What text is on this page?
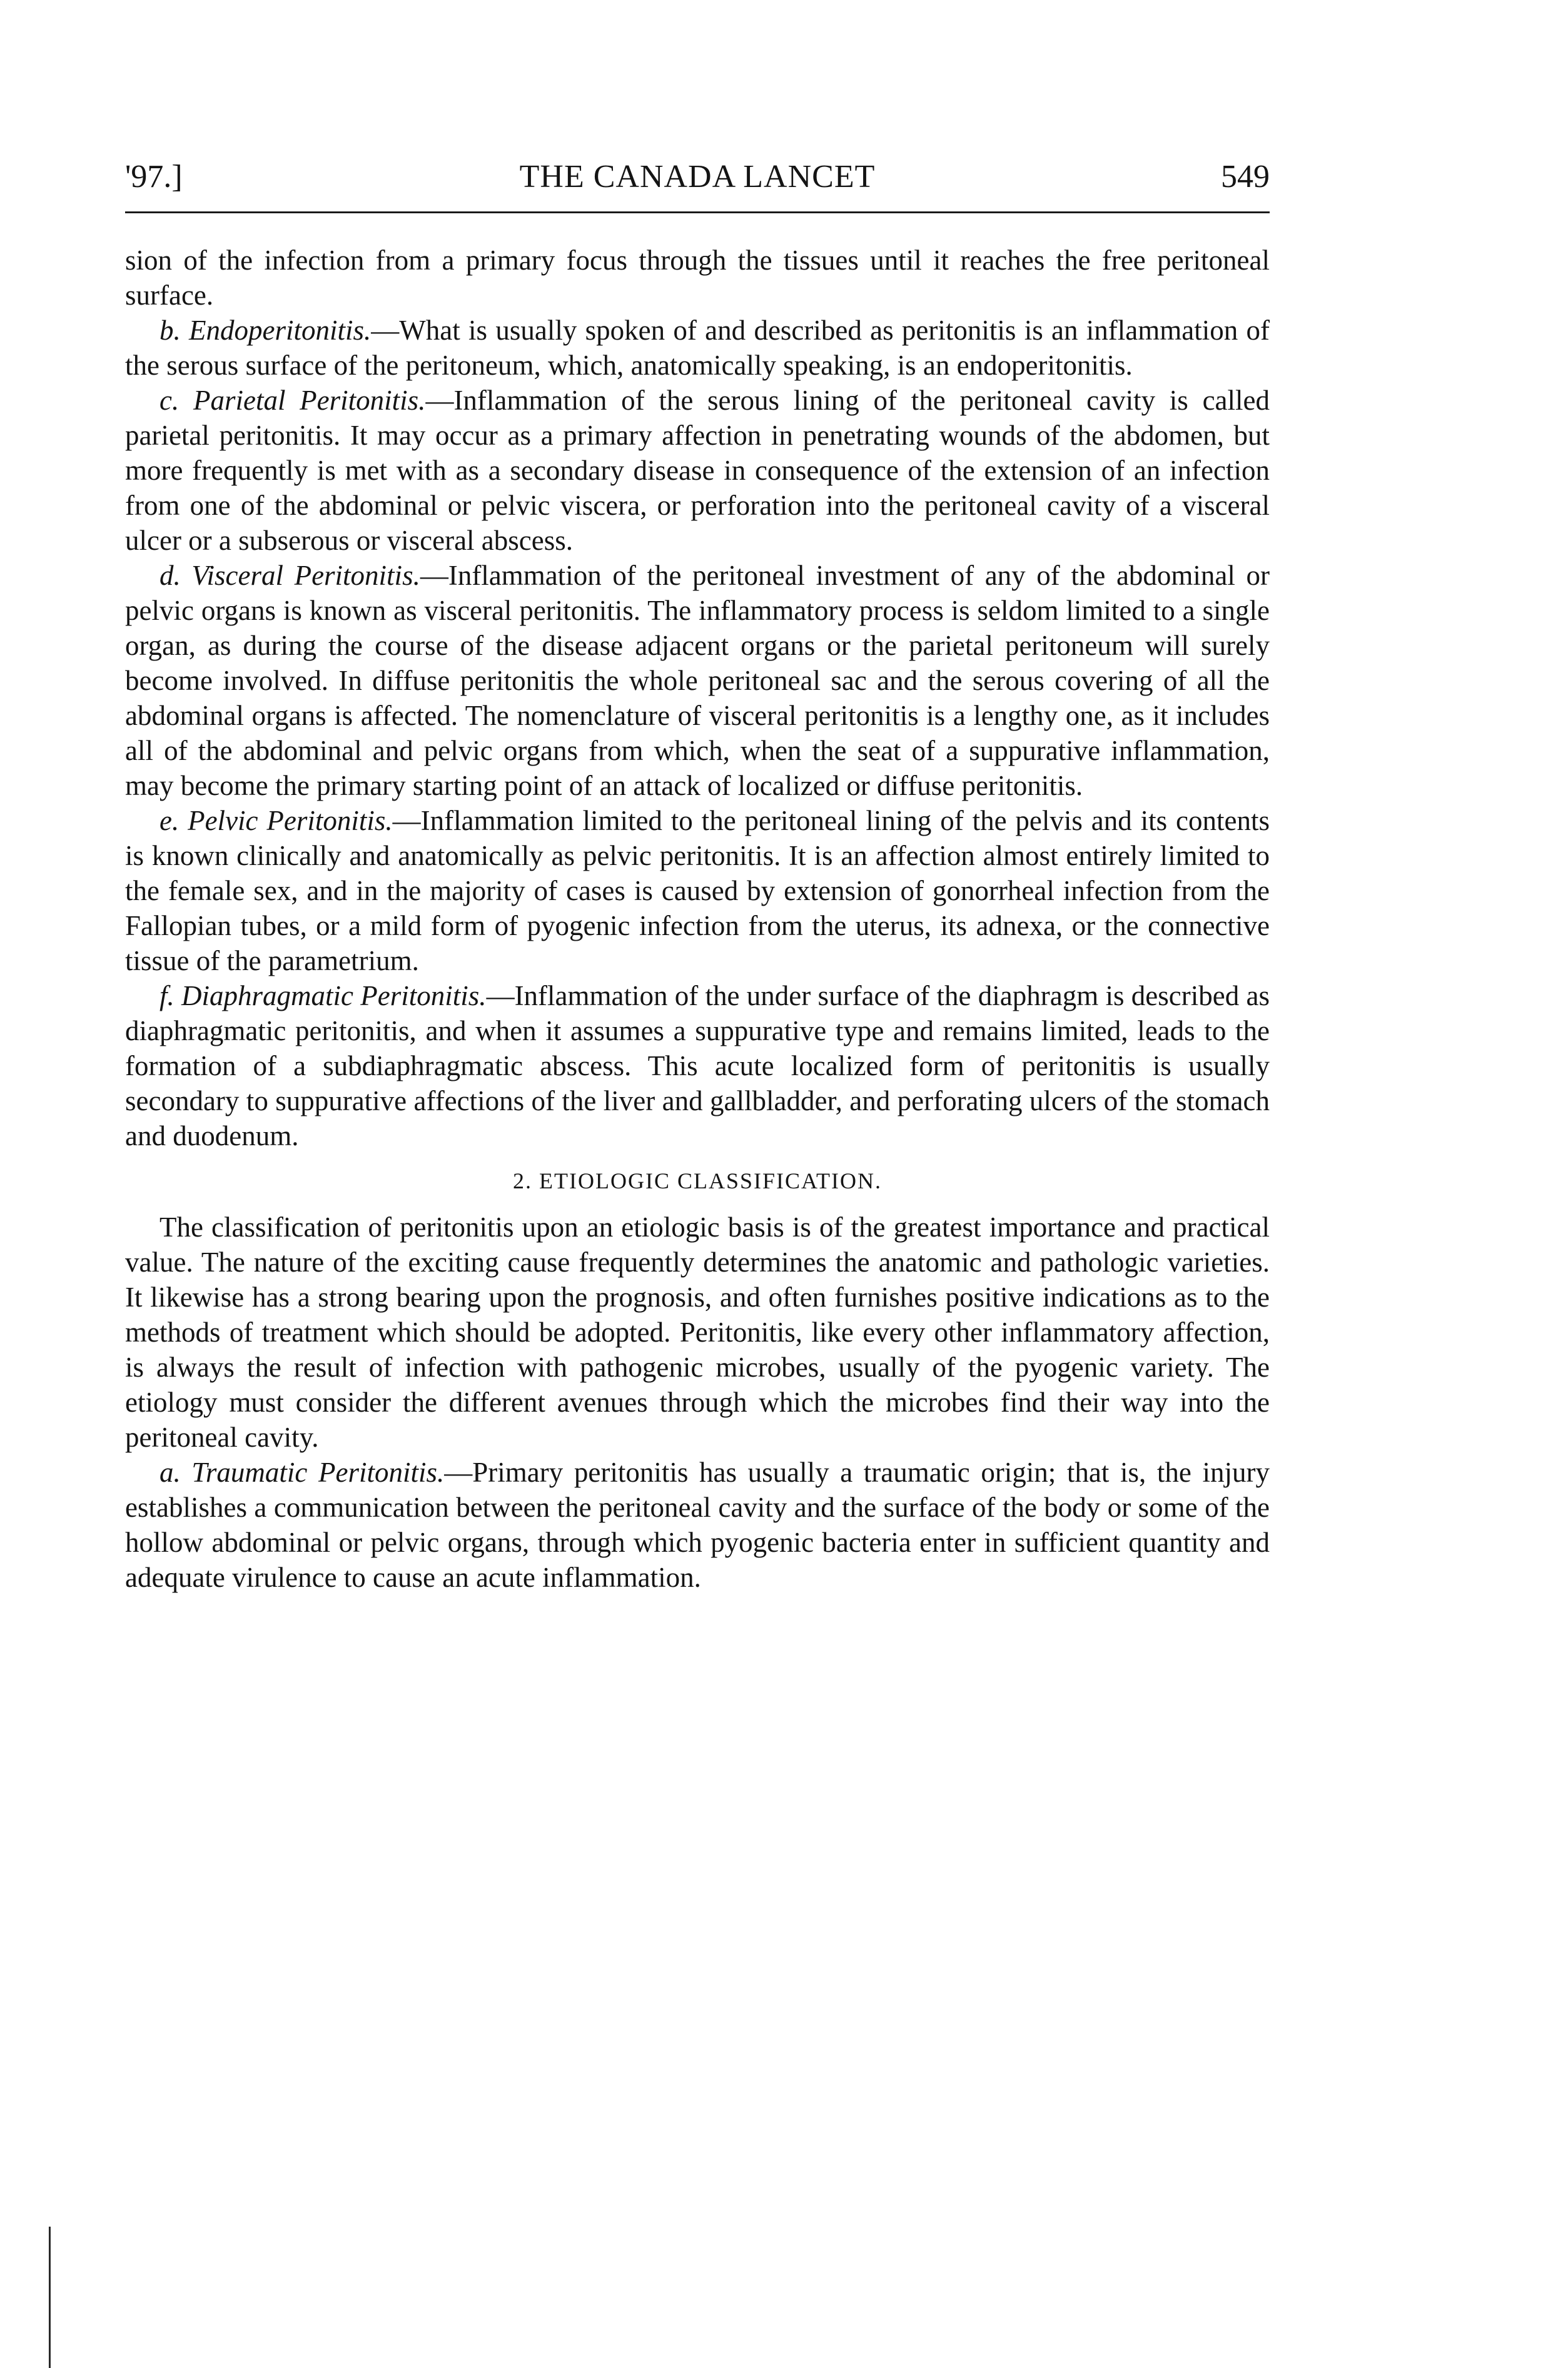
'97.]	THE CANADA LANCET	549

sion of the infection from a primary focus through the tissues until it reaches the free peritoneal surface.

b. Endoperitonitis.—What is usually spoken of and described as peritonitis is an inflammation of the serous surface of the peritoneum, which, anatomically speaking, is an endoperitonitis.

c. Parietal Peritonitis.—Inflammation of the serous lining of the peritoneal cavity is called parietal peritonitis. It may occur as a primary affection in penetrating wounds of the abdomen, but more frequently is met with as a secondary disease in consequence of the extension of an infection from one of the abdominal or pelvic viscera, or perforation into the peritoneal cavity of a visceral ulcer or a subserous or visceral abscess.

d. Visceral Peritonitis.—Inflammation of the peritoneal investment of any of the abdominal or pelvic organs is known as visceral peritonitis. The inflammatory process is seldom limited to a single organ, as during the course of the disease adjacent organs or the parietal peritoneum will surely become involved. In diffuse peritonitis the whole peritoneal sac and the serous covering of all the abdominal organs is affected. The nomenclature of visceral peritonitis is a lengthy one, as it includes all of the abdominal and pelvic organs from which, when the seat of a suppurative inflammation, may become the primary starting point of an attack of localized or diffuse peritonitis.

e. Pelvic Peritonitis.—Inflammation limited to the peritoneal lining of the pelvis and its contents is known clinically and anatomically as pelvic peritonitis. It is an affection almost entirely limited to the female sex, and in the majority of cases is caused by extension of gonorrheal infection from the Fallopian tubes, or a mild form of pyogenic infection from the uterus, its adnexa, or the connective tissue of the parametrium.

f. Diaphragmatic Peritonitis.—Inflammation of the under surface of the diaphragm is described as diaphragmatic peritonitis, and when it assumes a suppurative type and remains limited, leads to the formation of a subdiaphragmatic abscess. This acute localized form of peritonitis is usually secondary to suppurative affections of the liver and gallbladder, and perforating ulcers of the stomach and duodenum.

2. ETIOLOGIC CLASSIFICATION.

The classification of peritonitis upon an etiologic basis is of the greatest importance and practical value. The nature of the exciting cause frequently determines the anatomic and pathologic varieties. It likewise has a strong bearing upon the prognosis, and often furnishes positive indications as to the methods of treatment which should be adopted. Peritonitis, like every other inflammatory affection, is always the result of infection with pathogenic microbes, usually of the pyogenic variety. The etiology must consider the different avenues through which the microbes find their way into the peritoneal cavity.

a. Traumatic Peritonitis.—Primary peritonitis has usually a traumatic origin; that is, the injury establishes a communication between the peritoneal cavity and the surface of the body or some of the hollow abdominal or pelvic organs, through which pyogenic bacteria enter in sufficient quantity and adequate virulence to cause an acute inflammation.
